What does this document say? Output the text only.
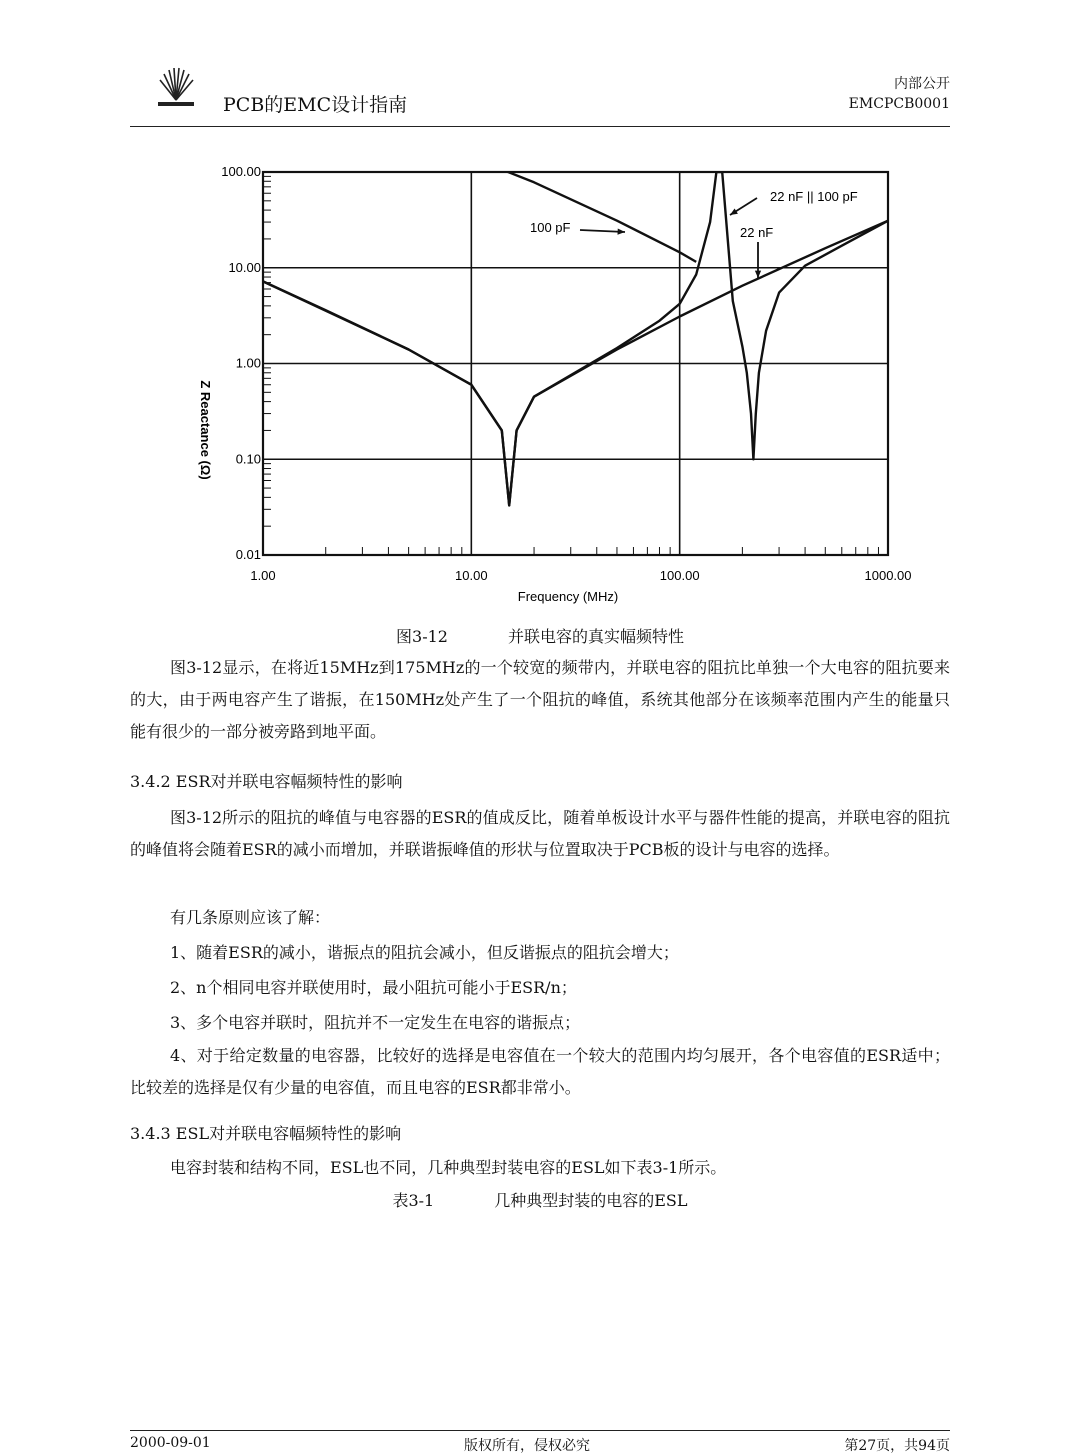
PCB的EMC设计指南
内部公开
EMCPCB0001
1.00	10.00	100.00	1000.00
0.01
0.10
1.00
10.00
100.00
22 nF || 100 pF
100 pF	22 nF
Frequency (MHz)
Z Reactance (Ω)
图3-12	并联电容的真实幅频特性
图3-12显示，在将近15MHz到175MHz的一个较宽的频带内，并联电容的阻抗比单独一个大电容的阻抗要来的大，由于两电容产生了谐振，在150MHz处产生了一个阻抗的峰值，系统其他部分在该频率范围内产生的能量只能有很少的一部分被旁路到地平面。
3.4.2 ESR对并联电容幅频特性的影响
图3-12所示的阻抗的峰值与电容器的ESR的值成反比，随着单板设计水平与器件性能的提高，并联电容的阻抗的峰值将会随着ESR的减小而增加，并联谐振峰值的形状与位置取决于PCB板的设计与电容的选择。
有几条原则应该了解：
1、随着ESR的减小，谐振点的阻抗会减小，但反谐振点的阻抗会增大；
2、n个相同电容并联使用时，最小阻抗可能小于ESR/n；
3、多个电容并联时，阻抗并不一定发生在电容的谐振点；
4、对于给定数量的电容器，比较好的选择是电容值在一个较大的范围内均匀展开，各个电容值的ESR适中；比较差的选择是仅有少量的电容值，而且电容的ESR都非常小。
3.4.3 ESL对并联电容幅频特性的影响
电容封装和结构不同，ESL也不同，几种典型封装电容的ESL如下表3-1所示。
表3-1	几种典型封装的电容的ESL
2000-09-01	版权所有，侵权必究	第27页，共94页
